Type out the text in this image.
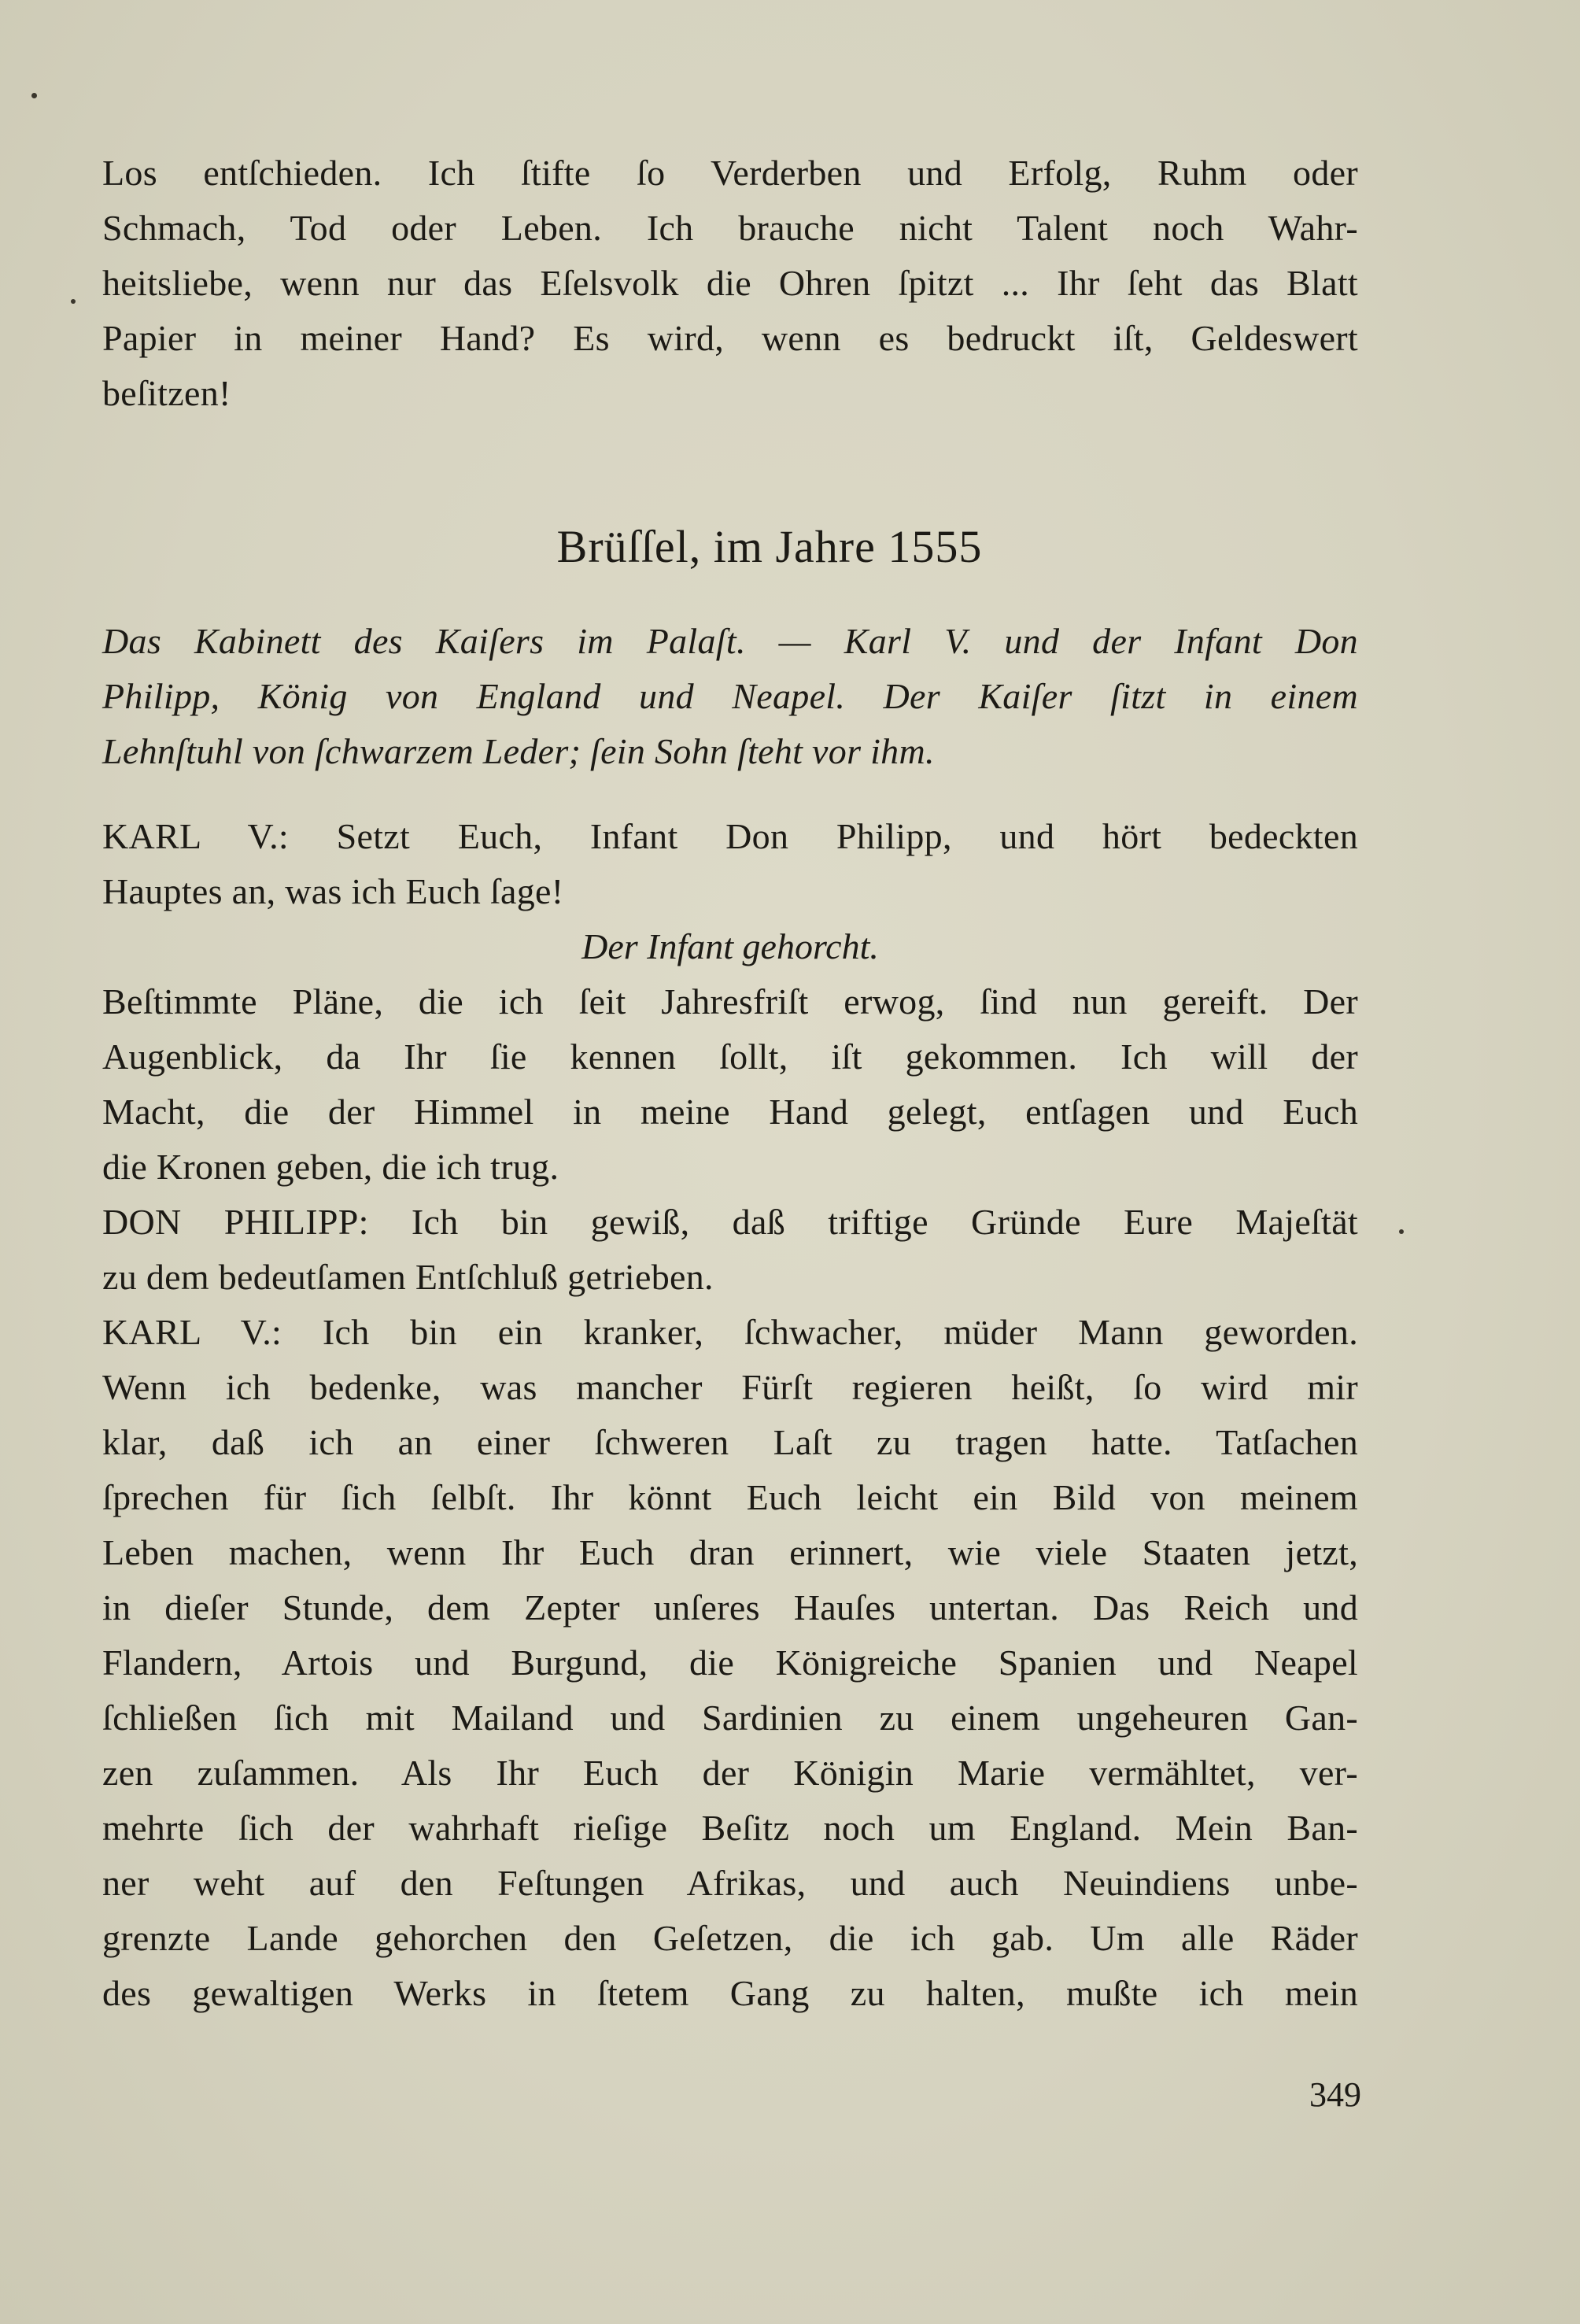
Los entſchieden. Ich ſtifte ſo Verderben und Erfolg, Ruhm oder
Schmach, Tod oder Leben. Ich brauche nicht Talent noch Wahr-
heitsliebe, wenn nur das Eſelsvolk die Ohren ſpitzt ... Ihr ſeht das Blatt
Papier in meiner Hand? Es wird, wenn es bedruckt iſt, Geldeswert
beſitzen!
Brüſſel, im Jahre 1555
Das Kabinett des Kaiſers im Palaſt. — Karl V. und der Infant Don
Philipp, König von England und Neapel. Der Kaiſer ſitzt in einem
Lehnſtuhl von ſchwarzem Leder; ſein Sohn ſteht vor ihm.
KARL V.: Setzt Euch, Infant Don Philipp, und hört bedeckten
Hauptes an, was ich Euch ſage!
Der Infant gehorcht.
Beſtimmte Pläne, die ich ſeit Jahresfriſt erwog, ſind nun gereift. Der
Augenblick, da Ihr ſie kennen ſollt, iſt gekommen. Ich will der
Macht, die der Himmel in meine Hand gelegt, entſagen und Euch
die Kronen geben, die ich trug.
DON PHILIPP: Ich bin gewiß, daß triftige Gründe Eure Majeſtät
zu dem bedeutſamen Entſchluß getrieben.
KARL V.: Ich bin ein kranker, ſchwacher, müder Mann geworden.
Wenn ich bedenke, was mancher Fürſt regieren heißt, ſo wird mir
klar, daß ich an einer ſchweren Laſt zu tragen hatte. Tatſachen
ſprechen für ſich ſelbſt. Ihr könnt Euch leicht ein Bild von meinem
Leben machen, wenn Ihr Euch dran erinnert, wie viele Staaten jetzt,
in dieſer Stunde, dem Zepter unſeres Hauſes untertan. Das Reich und
Flandern, Artois und Burgund, die Königreiche Spanien und Neapel
ſchließen ſich mit Mailand und Sardinien zu einem ungeheuren Gan-
zen zuſammen. Als Ihr Euch der Königin Marie vermähltet, ver-
mehrte ſich der wahrhaft rieſige Beſitz noch um England. Mein Ban-
ner weht auf den Feſtungen Afrikas, und auch Neuindiens unbe-
grenzte Lande gehorchen den Geſetzen, die ich gab. Um alle Räder
des gewaltigen Werks in ſtetem Gang zu halten, mußte ich mein
349
